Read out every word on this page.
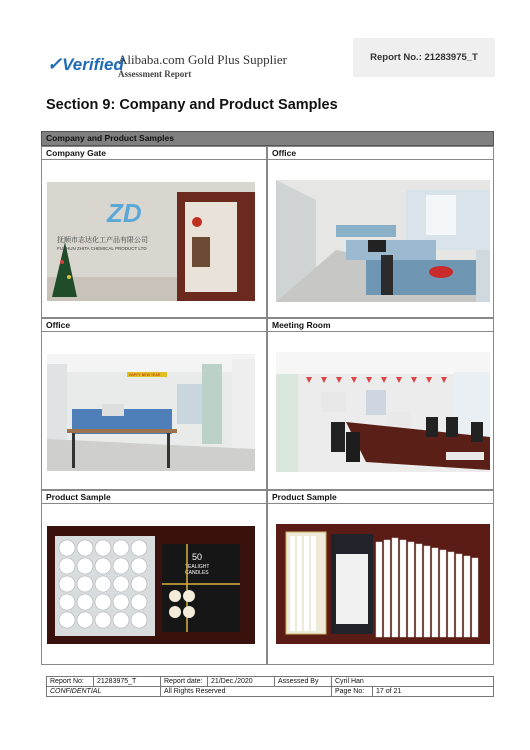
✓Verified
Alibaba.com Gold Plus Supplier
Assessment Report
Report No.: 21283975_T
Section 9: Company and Product Samples
Company and Product Samples
Company Gate
ZD
抚顺市志达化工产品有限公司
FUSHUN ZHITA CHEMICAL PRODUCT LTD
Office
Office
HAPPY NEW YEAR
Meeting Room
Product Sample
50
TEALIGHT
CANDLES
Product Sample
Report No:	21283975_T	Report date:	21/Dec./2020	Assessed By	Cyril Han	
CONFIDENTIAL		All Rights Reserved			Page No:	17 of 21
